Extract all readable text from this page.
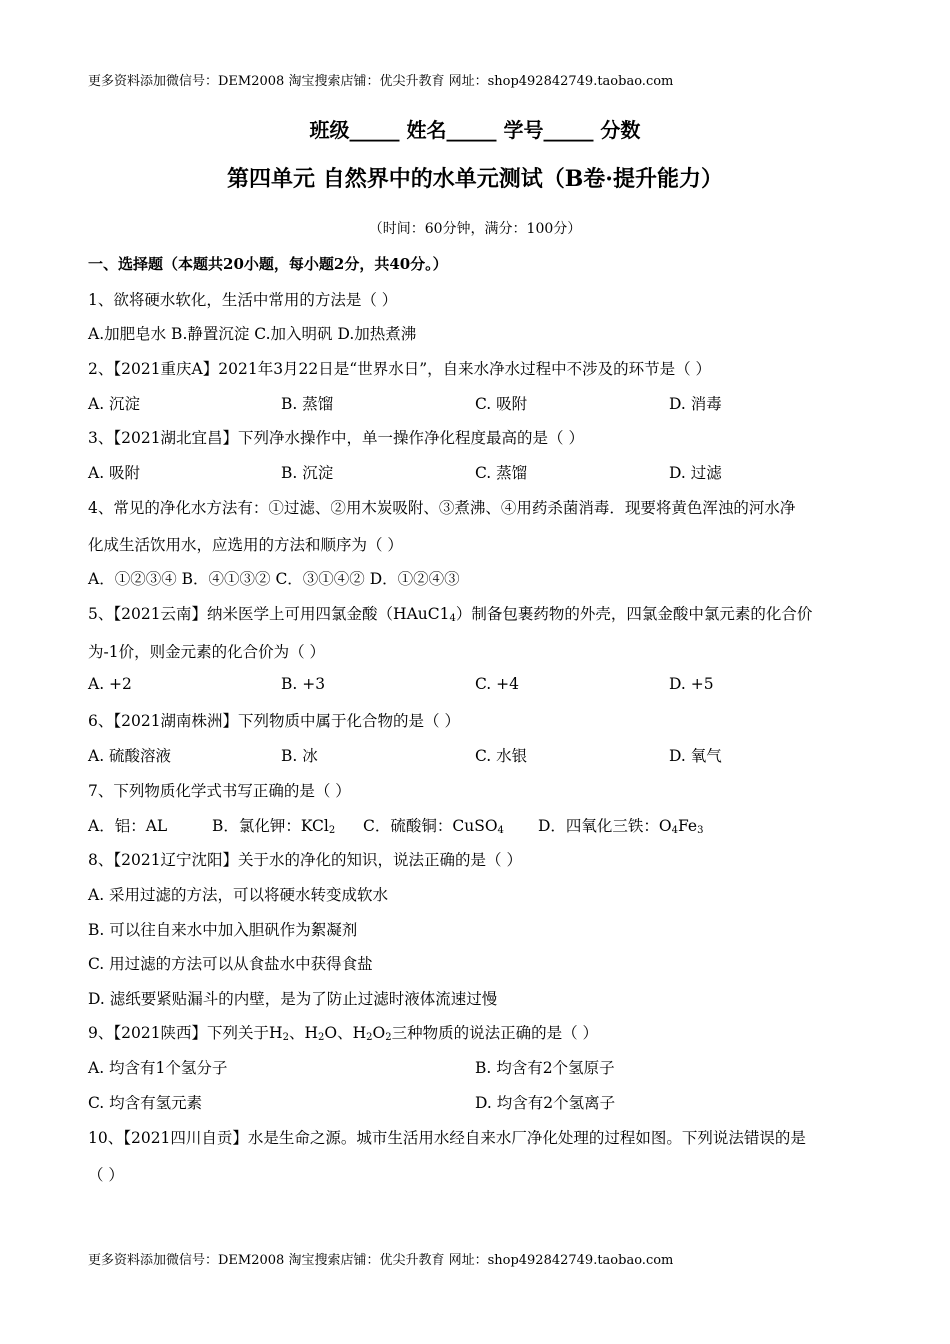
更多资料添加微信号：DEM2008 淘宝搜索店铺：优尖升教育 网址：shop492842749.taobao.com
班级_____ 姓名_____ 学号_____ 分数
第四单元 自然界中的水单元测试（B卷·提升能力）
（时间：60分钟，满分：100分）
一、选择题（本题共20小题，每小题2分，共40分。）
1、欲将硬水软化，生活中常用的方法是（ ）
A.加肥皂水 B.静置沉淀 C.加入明矾 D.加热煮沸
2、【2021重庆A】2021年3月22日是“世界水日”，自来水净水过程中不涉及的环节是（ ）
A. 沉淀	B. 蒸馏	C. 吸附	D. 消毒
3、【2021湖北宜昌】下列净水操作中，单一操作净化程度最高的是（ ）
A. 吸附	B. 沉淀	C. 蒸馏	D. 过滤
4、常见的净化水方法有：①过滤、②用木炭吸附、③煮沸、④用药杀菌消毒．现要将黄色浑浊的河水净
化成生活饮用水，应选用的方法和顺序为（ ）
A．①②③④ B．④①③② C．③①④② D．①②④③
5、【2021云南】纳米医学上可用四氯金酸$(HAuC1_4)$制备包裹药物的外壳，四氯金酸中氯元素的化合价
为-1价，则金元素的化合价为（ ）
A. +2	B. +3	C. +4	D. +5
6、【2021湖南株洲】下列物质中属于化合物的是（ ）
A. 硫酸溶液	B. 冰	C. 水银	D. 氧气
7、下列物质化学式书写正确的是（ ）
A．铝：AL	B．氯化钾：KCl$_2$ C．硫酸铜：CuSO$_4$ D．四氧化三铁：$O_4Fe_3$
8、【2021辽宁沈阳】关于水的净化的知识，说法正确的是（ ）
A. 采用过滤的方法，可以将硬水转变成软水
B. 可以往自来水中加入胆矾作为絮凝剂
C. 用过滤的方法可以从食盐水中获得食盐
D. 滤纸要紧贴漏斗的内壁，是为了防止过滤时液体流速过慢
9、【2021陕西】下列关于$H_2$、$H_2O$、$H_2O_2$三种物质的说法正确的是（ ）
A. 均含有1个氢分子	B. 均含有2个氢原子
C. 均含有氢元素	D. 均含有2个氢离子
10、【2021四川自贡】水是生命之源。城市生活用水经自来水厂净化处理的过程如图。下列说法错误的是
（ ）
更多资料添加微信号：DEM2008 淘宝搜索店铺：优尖升教育 网址：shop492842749.taobao.com
